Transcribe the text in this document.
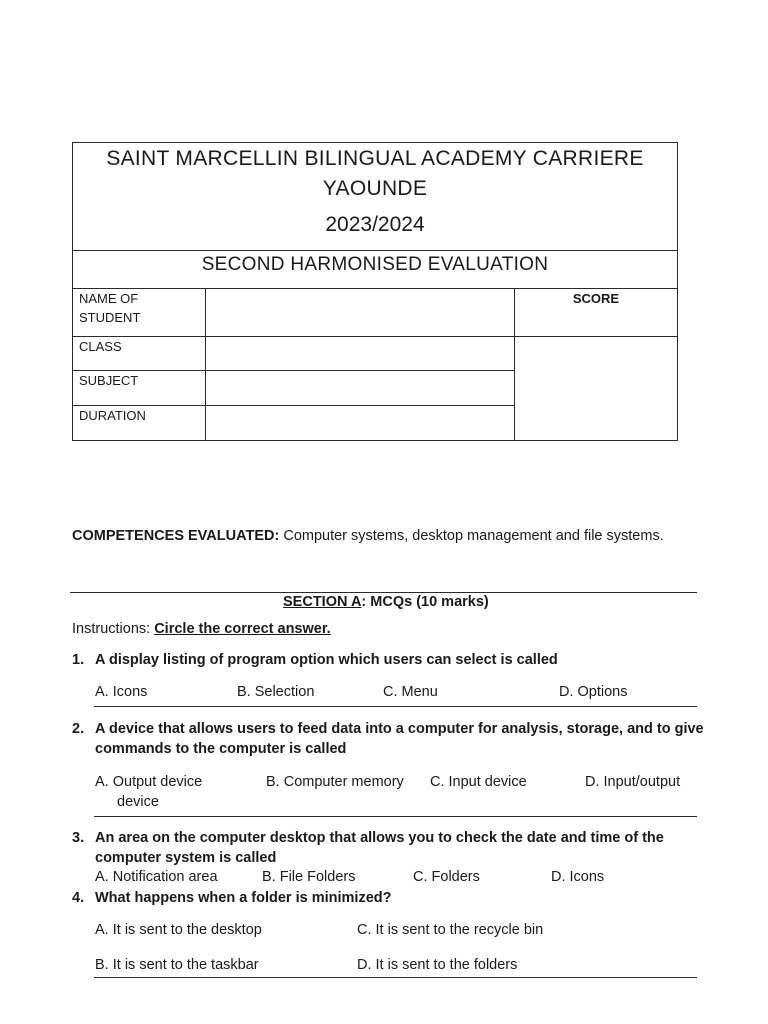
SAINT MARCELLIN BILINGUAL ACADEMY CARRIERE
YAOUNDE
2023/2024		

SECOND HARMONISED EVALUATION		

NAME OF
STUDENT		SCORE
CLASS		
SUBJECT		
DURATION		
COMPETENCES EVALUATED: Computer systems, desktop management and file systems.
SECTION A: MCQs (10 marks)
Instructions: Circle the correct answer.
1. A display listing of program option which users can select is called
A. Icons	B. Selection	C. Menu	D. Options
2. A device that allows users to feed data into a computer for analysis, storage, and to give
commands to the computer is called
A. Output device
device
B. Computer memory C. Input device	D. Input/output
3. An area on the computer desktop that allows you to check the date and time of the
computer system is called
A. Notification area	B. File Folders	C. Folders	D. Icons
4. What happens when a folder is minimized?
A. It is sent to the desktop	C. It is sent to the recycle bin
B. It is sent to the taskbar	D. It is sent to the folders
